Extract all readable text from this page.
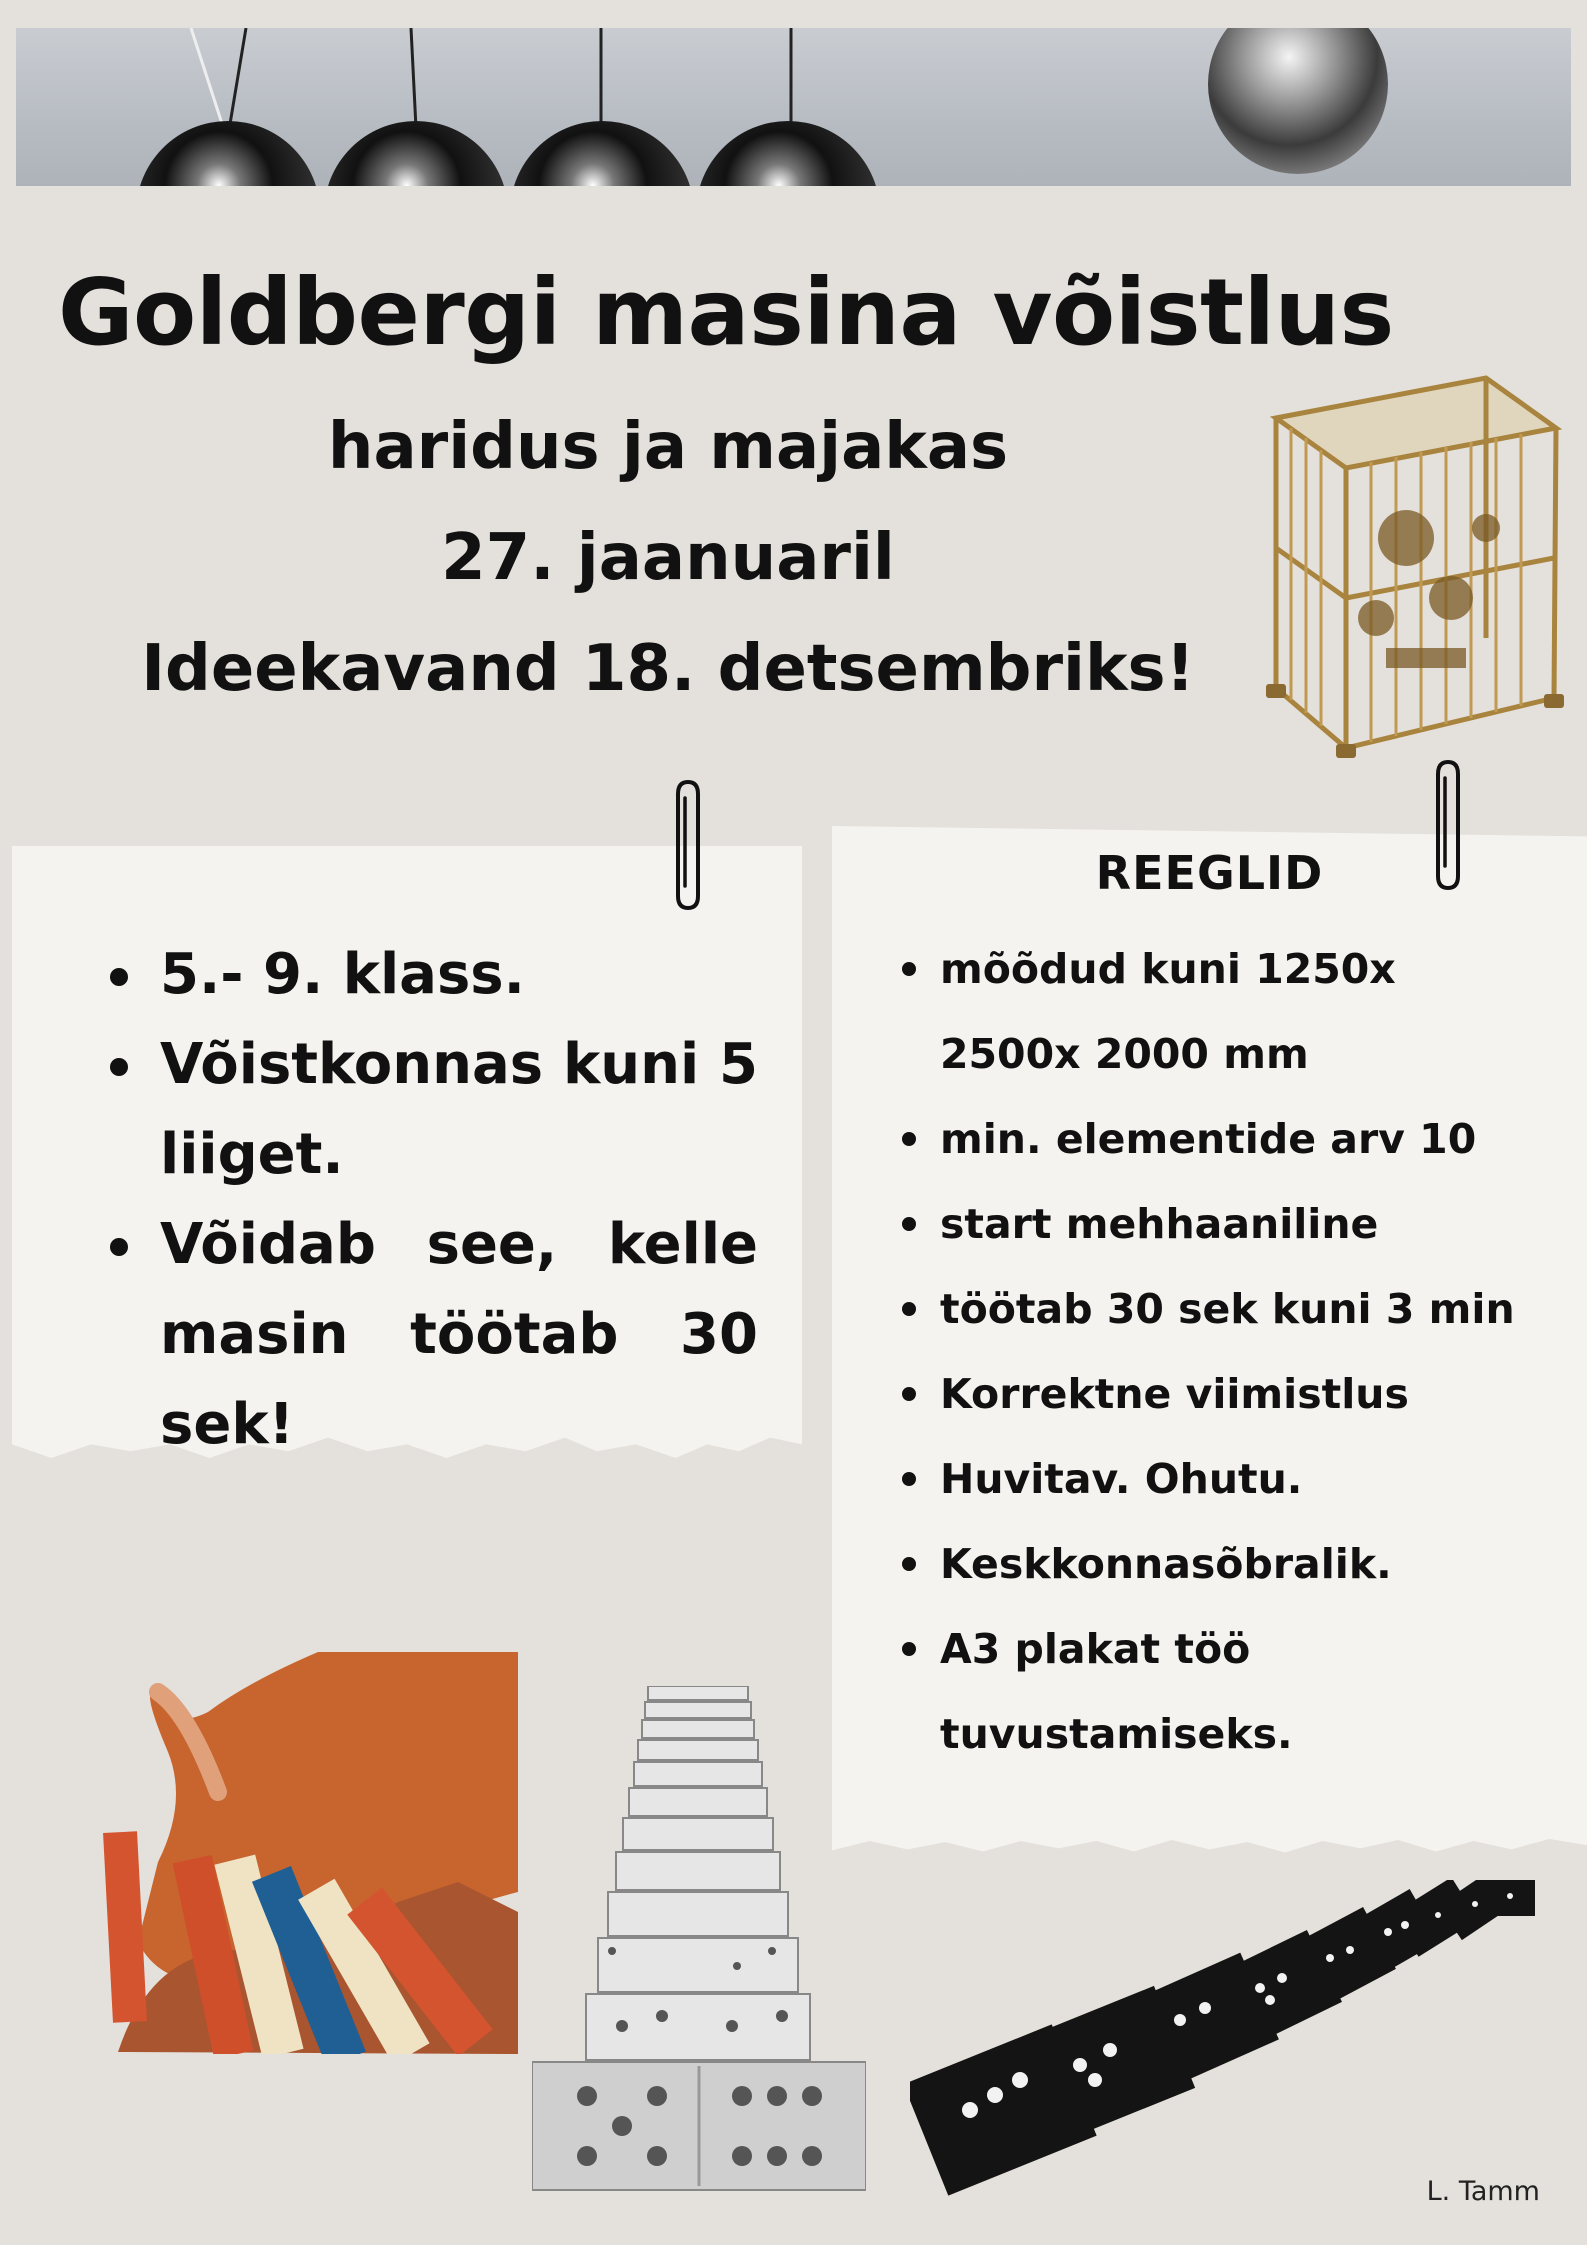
Goldbergi masina võistlus
haridus ja majakas
27. jaanuaril
Ideekavand 18. detsembriks!
5.- 9. klass.
Võistkonnas kuni 5 liiget.
Võidab see, kelle masin töötab 30 sek!
REEGLID
mõõdud kuni 1250x
2500x 2000 mm
min. elementide arv 10
start mehhaaniline
töötab 30 sek kuni 3 min
Korrektne viimistlus
Huvitav. Ohutu.
Keskkonnasõbralik.
A3 plakat töö
tuvustamiseks.
L. Tamm
